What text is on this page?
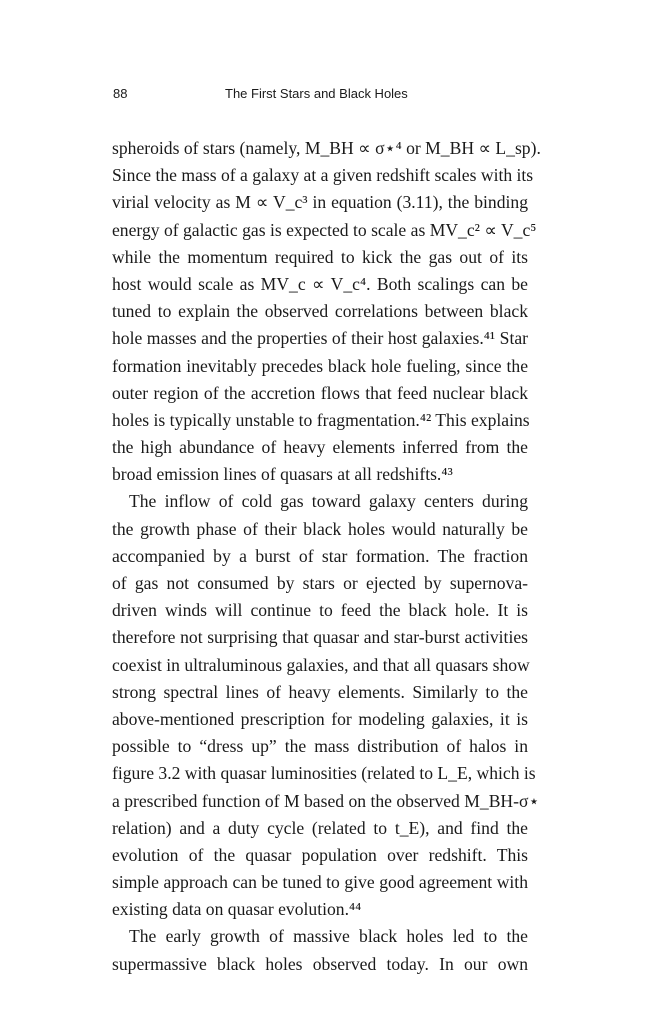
88	The First Stars and Black Holes
spheroids of stars (namely, M_BH ∝ σ⋆⁴ or M_BH ∝ L_sp).
Since the mass of a galaxy at a given redshift scales with its
virial velocity as M ∝ V_c³ in equation (3.11), the binding
energy of galactic gas is expected to scale as MV_c² ∝ V_c⁵
while the momentum required to kick the gas out of its
host would scale as MV_c ∝ V_c⁴. Both scalings can be
tuned to explain the observed correlations between black
hole masses and the properties of their host galaxies.⁴¹ Star
formation inevitably precedes black hole fueling, since the
outer region of the accretion flows that feed nuclear black
holes is typically unstable to fragmentation.⁴² This explains
the high abundance of heavy elements inferred from the
broad emission lines of quasars at all redshifts.⁴³
The inflow of cold gas toward galaxy centers during
the growth phase of their black holes would naturally be
accompanied by a burst of star formation. The fraction
of gas not consumed by stars or ejected by supernova-
driven winds will continue to feed the black hole. It is
therefore not surprising that quasar and star-burst activities
coexist in ultraluminous galaxies, and that all quasars show
strong spectral lines of heavy elements. Similarly to the
above-mentioned prescription for modeling galaxies, it is
possible to “dress up” the mass distribution of halos in
figure 3.2 with quasar luminosities (related to L_E, which is
a prescribed function of M based on the observed M_BH-σ⋆
relation) and a duty cycle (related to t_E), and find the
evolution of the quasar population over redshift. This
simple approach can be tuned to give good agreement with
existing data on quasar evolution.⁴⁴
The early growth of massive black holes led to the
supermassive black holes observed today. In our own
